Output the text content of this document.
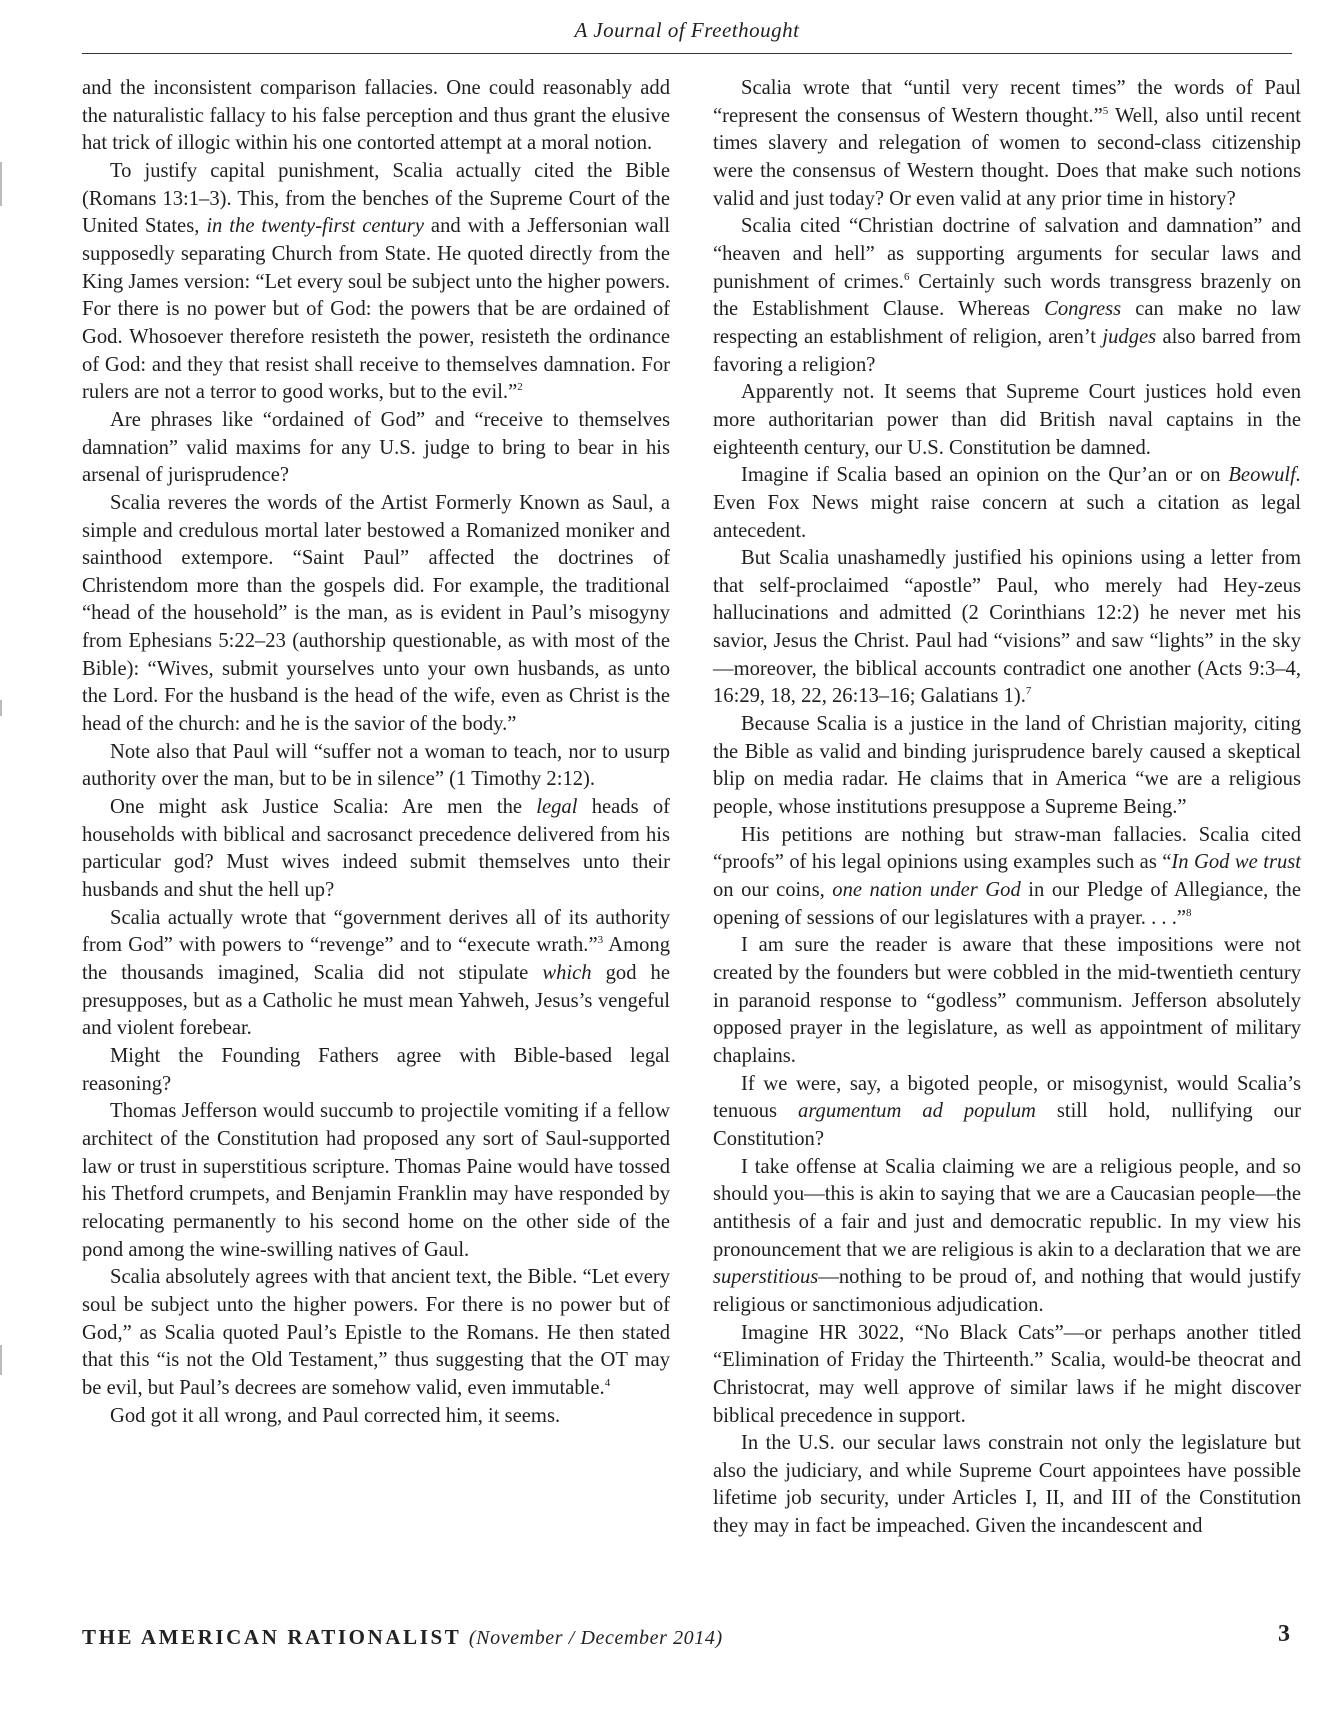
A Journal of Freethought

and the inconsistent comparison fallacies. One could reasonably add the naturalistic fallacy to his false perception and thus grant the elusive hat trick of illogic within his one contorted attempt at a moral notion.

To justify capital punishment, Scalia actually cited the Bible (Romans 13:1–3). This, from the benches of the Supreme Court of the United States, in the twenty-first century and with a Jeffersonian wall supposedly separating Church from State. He quoted directly from the King James version: “Let every soul be subject unto the higher powers. For there is no power but of God: the powers that be are ordained of God. Whosoever therefore resisteth the power, resisteth the ordinance of God: and they that resist shall receive to themselves damnation. For rulers are not a terror to good works, but to the evil.”$^2$

Are phrases like “ordained of God” and “receive to themselves damnation” valid maxims for any U.S. judge to bring to bear in his arsenal of jurisprudence?

Scalia reveres the words of the Artist Formerly Known as Saul, a simple and credulous mortal later bestowed a Romanized moniker and sainthood extempore. “Saint Paul” affected the doctrines of Christendom more than the gospels did. For example, the traditional “head of the household” is the man, as is evident in Paul’s misogyny from Ephesians 5:22–23 (authorship questionable, as with most of the Bible): “Wives, submit yourselves unto your own husbands, as unto the Lord. For the husband is the head of the wife, even as Christ is the head of the church: and he is the savior of the body.”

Note also that Paul will “suffer not a woman to teach, nor to usurp authority over the man, but to be in silence” (1 Timothy 2:12).

One might ask Justice Scalia: Are men the legal heads of households with biblical and sacrosanct precedence delivered from his particular god? Must wives indeed submit themselves unto their husbands and shut the hell up?

Scalia actually wrote that “government derives all of its authority from God” with powers to “revenge” and to “execute wrath.”$^3$ Among the thousands imagined, Scalia did not stipulate which god he presupposes, but as a Catholic he must mean Yahweh, Jesus’s vengeful and violent forebear.

Might the Founding Fathers agree with Bible-based legal reasoning?

Thomas Jefferson would succumb to projectile vomiting if a fellow architect of the Constitution had proposed any sort of Saul-supported law or trust in superstitious scripture. Thomas Paine would have tossed his Thetford crumpets, and Benjamin Franklin may have responded by relocating permanently to his second home on the other side of the pond among the wine-swilling natives of Gaul.

Scalia absolutely agrees with that ancient text, the Bible. “Let every soul be subject unto the higher powers. For there is no power but of God,” as Scalia quoted Paul’s Epistle to the Romans. He then stated that this “is not the Old Testament,” thus suggesting that the OT may be evil, but Paul’s decrees are somehow valid, even immutable.$^4$

God got it all wrong, and Paul corrected him, it seems.

Scalia wrote that “until very recent times” the words of Paul “represent the consensus of Western thought.”$^5$ Well, also until recent times slavery and relegation of women to second-class citizenship were the consensus of Western thought. Does that make such notions valid and just today? Or even valid at any prior time in history?

Scalia cited “Christian doctrine of salvation and damnation” and “heaven and hell” as supporting arguments for secular laws and punishment of crimes.$^6$ Certainly such words transgress brazenly on the Establishment Clause. Whereas Congress can make no law respecting an establishment of religion, aren’t judges also barred from favoring a religion?

Apparently not. It seems that Supreme Court justices hold even more authoritarian power than did British naval captains in the eighteenth century, our U.S. Constitution be damned.

Imagine if Scalia based an opinion on the Qur’an or on Beowulf. Even Fox News might raise concern at such a citation as legal antecedent.

But Scalia unashamedly justified his opinions using a letter from that self-proclaimed “apostle” Paul, who merely had Hey-zeus hallucinations and admitted (2 Corinthians 12:2) he never met his savior, Jesus the Christ. Paul had “visions” and saw “lights” in the sky—moreover, the biblical accounts contradict one another (Acts 9:3–4, 16:29, 18, 22, 26:13–16; Galatians 1).$^7$

Because Scalia is a justice in the land of Christian majority, citing the Bible as valid and binding jurisprudence barely caused a skeptical blip on media radar. He claims that in America “we are a religious people, whose institutions presuppose a Supreme Being.”

His petitions are nothing but straw-man fallacies. Scalia cited “proofs” of his legal opinions using examples such as “In God we trust on our coins, one nation under God in our Pledge of Allegiance, the opening of sessions of our legislatures with a prayer. . . .”$^8$

I am sure the reader is aware that these impositions were not created by the founders but were cobbled in the mid-twentieth century in paranoid response to “godless” communism. Jefferson absolutely opposed prayer in the legislature, as well as appointment of military chaplains.

If we were, say, a bigoted people, or misogynist, would Scalia’s tenuous argumentum ad populum still hold, nullifying our Constitution?

I take offense at Scalia claiming we are a religious people, and so should you—this is akin to saying that we are a Caucasian people—the antithesis of a fair and just and democratic republic. In my view his pronouncement that we are religious is akin to a declaration that we are superstitious—nothing to be proud of, and nothing that would justify religious or sanctimonious adjudication.

Imagine HR 3022, “No Black Cats”—or perhaps another titled “Elimination of Friday the Thirteenth.” Scalia, would-be theocrat and Christocrat, may well approve of similar laws if he might discover biblical precedence in support.

In the U.S. our secular laws constrain not only the legislature but also the judiciary, and while Supreme Court appointees have possible lifetime job security, under Articles I, II, and III of the Constitution they may in fact be impeached. Given the incandescent and

THE AMERICAN RATIONALIST (November / December 2014)	3
